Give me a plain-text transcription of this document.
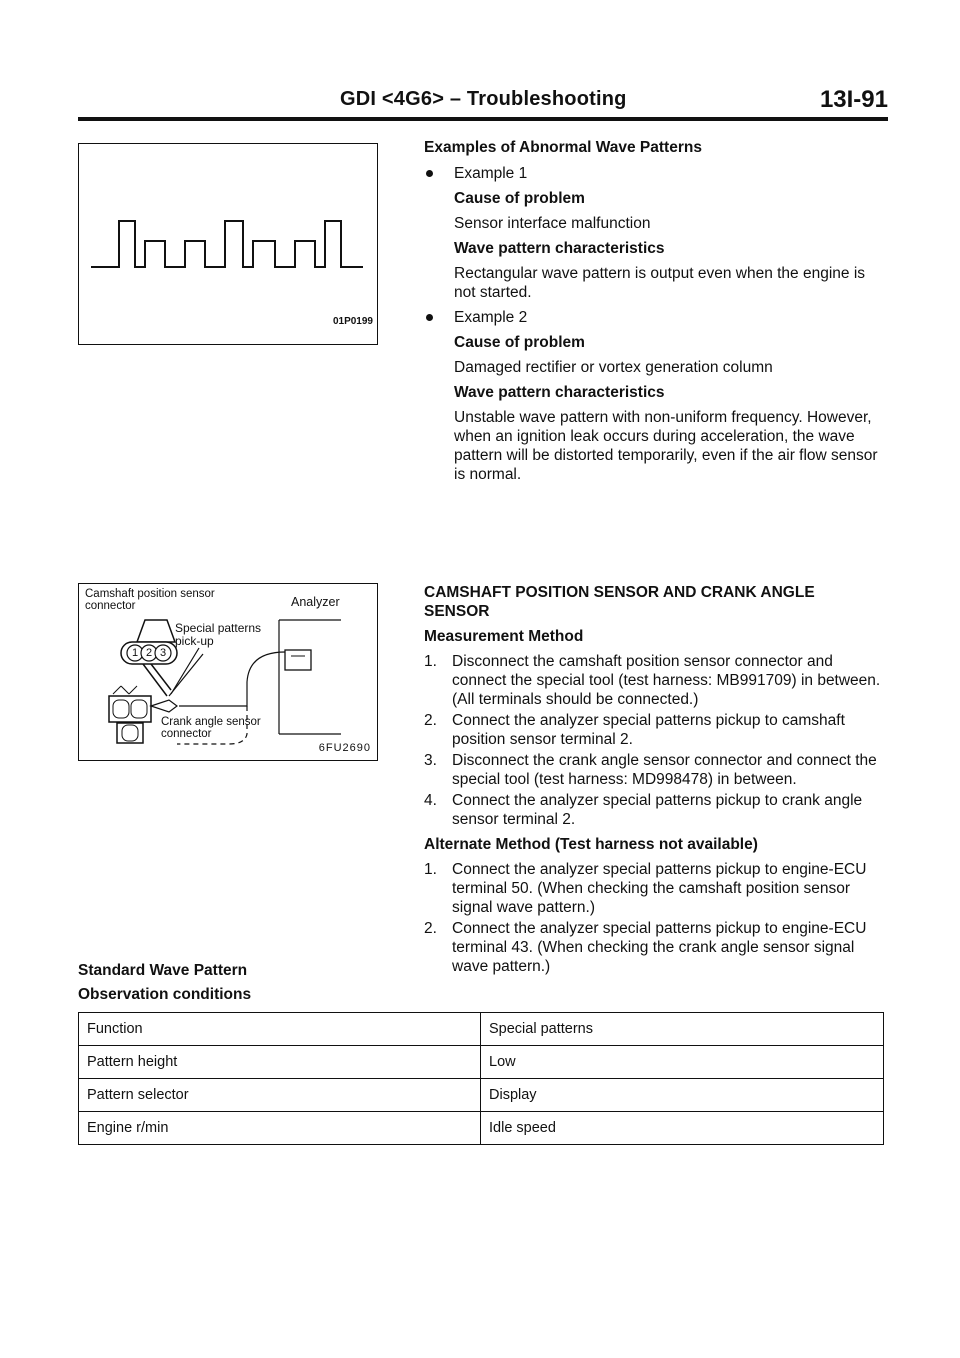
GDI <4G6> – Troubleshooting	13I-91
01P0199
Camshaft position sensor connector	Analyzer
Special patterns pick-up
Crank angle sensor connector
1 2 3
6FU2690

Examples of Abnormal Wave Patterns

Example 1

Cause of problem

Sensor interface malfunction

Wave pattern characteristics

Rectangular wave pattern is output even when the engine is not started.

Example 2

Cause of problem

Damaged rectifier or vortex generation column

Wave pattern characteristics

Unstable wave pattern with non-uniform frequency. However, when an ignition leak occurs during acceleration, the wave pattern will be distorted temporarily, even if the air flow sensor is normal.

CAMSHAFT POSITION SENSOR AND CRANK ANGLE SENSOR

Measurement Method

1. Disconnect the camshaft position sensor connector and connect the special tool (test harness: MB991709) in between. (All terminals should be connected.)

2. Connect the analyzer special patterns pickup to camshaft position sensor terminal 2.

3. Disconnect the crank angle sensor connector and connect the special tool (test harness: MD998478) in between.

4. Connect the analyzer special patterns pickup to crank angle sensor terminal 2.

Alternate Method (Test harness not available)

1. Connect the analyzer special patterns pickup to engine-ECU terminal 50. (When checking the camshaft position sensor signal wave pattern.)

2. Connect the analyzer special patterns pickup to engine-ECU terminal 43. (When checking the crank angle sensor signal wave pattern.)

Standard Wave Pattern
Observation conditions
Function	Special patterns
Pattern height	Low
Pattern selector	Display
Engine r/min	Idle speed
